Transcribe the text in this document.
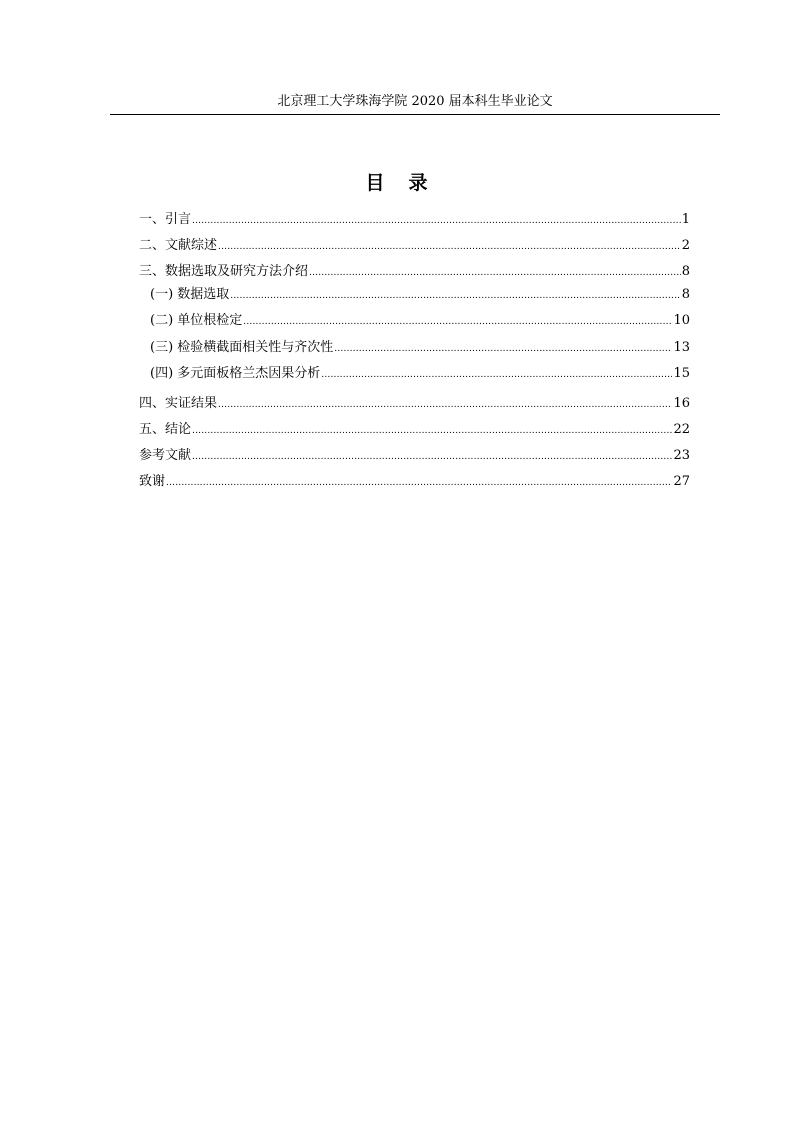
北京理工大学珠海学院 2020 届本科生毕业论文
目录
一、引言 .....	1
二、文献综述 .....	2
三、数据选取及研究方法介绍 .....	8
(一) 数据选取 .....	8
(二) 单位根检定 .....	10
(三) 检验横截面相关性与齐次性 .....	13
(四) 多元面板格兰杰因果分析 .....	15
四、实证结果 .....	16
五、结论 .....	22
参考文献 .....	23
致谢 .....	27
